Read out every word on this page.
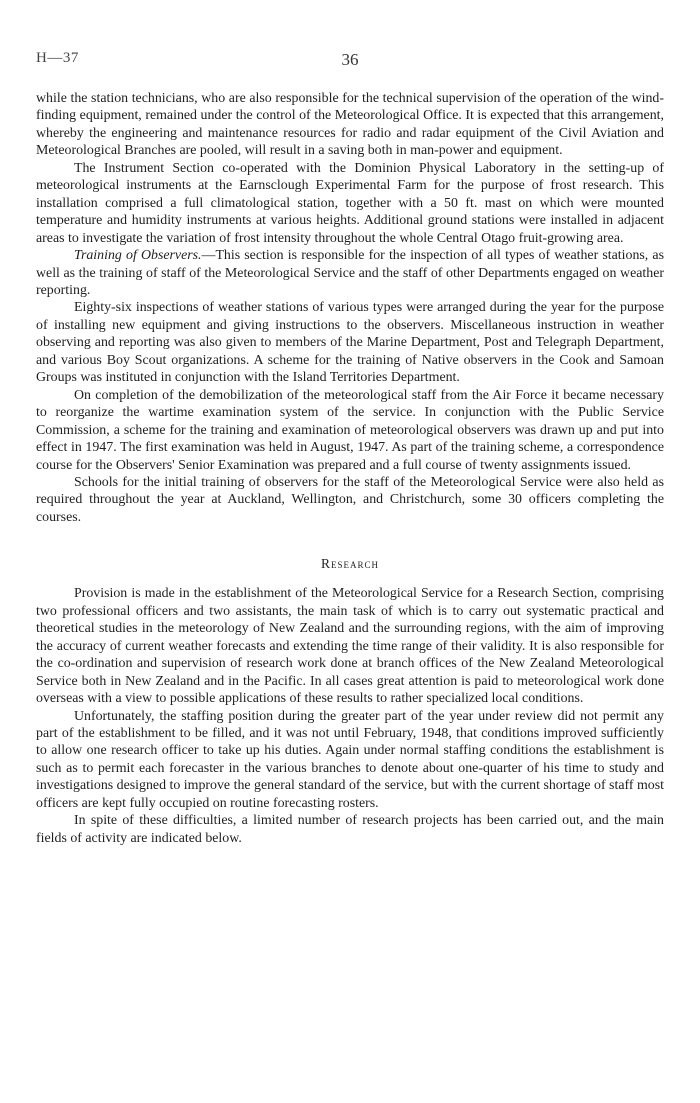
H—37	36

while the station technicians, who are also responsible for the technical supervision of the operation of the wind-finding equipment, remained under the control of the Meteorological Office. It is expected that this arrangement, whereby the engineering and maintenance resources for radio and radar equipment of the Civil Aviation and Meteorological Branches are pooled, will result in a saving both in man-power and equipment.

The Instrument Section co-operated with the Dominion Physical Laboratory in the setting-up of meteorological instruments at the Earnsclough Experimental Farm for the purpose of frost research. This installation comprised a full climatological station, together with a 50 ft. mast on which were mounted temperature and humidity instruments at various heights. Additional ground stations were installed in adjacent areas to investigate the variation of frost intensity throughout the whole Central Otago fruit-growing area.

Training of Observers.—This section is responsible for the inspection of all types of weather stations, as well as the training of staff of the Meteorological Service and the staff of other Departments engaged on weather reporting.

Eighty-six inspections of weather stations of various types were arranged during the year for the purpose of installing new equipment and giving instructions to the observers. Miscellaneous instruction in weather observing and reporting was also given to members of the Marine Department, Post and Telegraph Department, and various Boy Scout organizations. A scheme for the training of Native observers in the Cook and Samoan Groups was instituted in conjunction with the Island Territories Department.

On completion of the demobilization of the meteorological staff from the Air Force it became necessary to reorganize the wartime examination system of the service. In conjunction with the Public Service Commission, a scheme for the training and examination of meteorological observers was drawn up and put into effect in 1947. The first examination was held in August, 1947. As part of the training scheme, a correspondence course for the Observers' Senior Examination was prepared and a full course of twenty assignments issued.

Schools for the initial training of observers for the staff of the Meteorological Service were also held as required throughout the year at Auckland, Wellington, and Christchurch, some 30 officers completing the courses.

Research

Provision is made in the establishment of the Meteorological Service for a Research Section, comprising two professional officers and two assistants, the main task of which is to carry out systematic practical and theoretical studies in the meteorology of New Zealand and the surrounding regions, with the aim of improving the accuracy of current weather forecasts and extending the time range of their validity. It is also responsible for the co-ordination and supervision of research work done at branch offices of the New Zealand Meteorological Service both in New Zealand and in the Pacific. In all cases great attention is paid to meteorological work done overseas with a view to possible applications of these results to rather specialized local conditions.

Unfortunately, the staffing position during the greater part of the year under review did not permit any part of the establishment to be filled, and it was not until February, 1948, that conditions improved sufficiently to allow one research officer to take up his duties. Again under normal staffing conditions the establishment is such as to permit each forecaster in the various branches to denote about one-quarter of his time to study and investigations designed to improve the general standard of the service, but with the current shortage of staff most officers are kept fully occupied on routine forecasting rosters.

In spite of these difficulties, a limited number of research projects has been carried out, and the main fields of activity are indicated below.
